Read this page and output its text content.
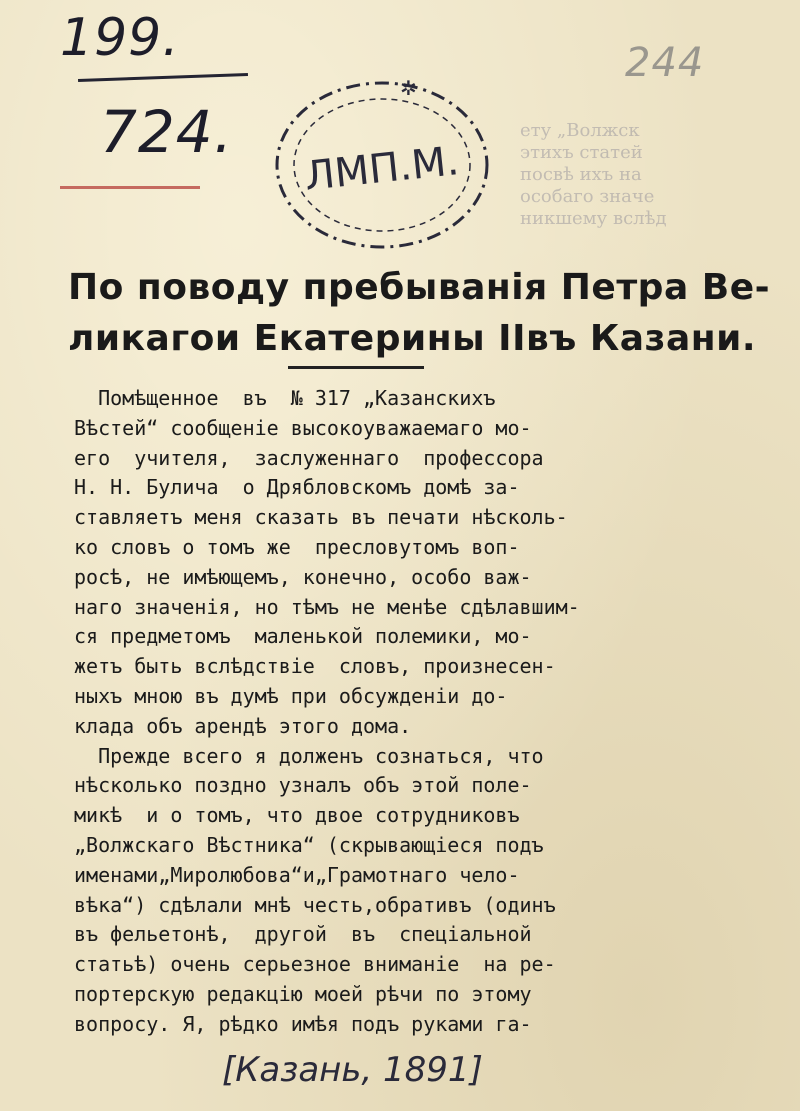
199.
724.
244
✲
ЛМП.М.
ету „Волжск
этихъ статей
посвѣ ихъ на
особаго значе
никшему вслѣд
По поводу пребыванія Петра Ве-
ликагои Екатерины IIвъ Казани.
Помѣщенное  въ  № 317 „Казанскихъ
Вѣстей“ сообщеніе высокоуважаемаго мо-
его  учителя,  заслуженнаго  профессора
Н. Н. Булича  о Дрябловскомъ домѣ за-
ставляетъ меня сказать въ печати нѣсколь-
ко словъ о томъ же  пресловутомъ воп-
росѣ, не имѣющемъ, конечно, особо важ-
наго значенія, но тѣмъ не менѣе сдѣлавшим-
ся предметомъ  маленькой полемики, мо-
жетъ быть вслѣдствіе  словъ, произнесен-
ныхъ мною въ думѣ при обсужденіи до-
клада объ арендѣ этого дома.
Прежде всего я долженъ сознаться, что
нѣсколько поздно узналъ объ этой поле-
микѣ  и о томъ, что двое сотрудниковъ
„Волжскаго Вѣстника“ (скрывающіеся подъ
именами„Миролюбова“и„Грамотнаго чело-
вѣка“) сдѣлали мнѣ честь,обративъ (одинъ
въ фельетонѣ,  другой  въ  спеціальной
статьѣ) очень серьезное вниманіе  на ре-
портерскую редакцію моей рѣчи по этому
вопросу. Я, рѣдко имѣя подъ руками га-
[Казань, 1891]
